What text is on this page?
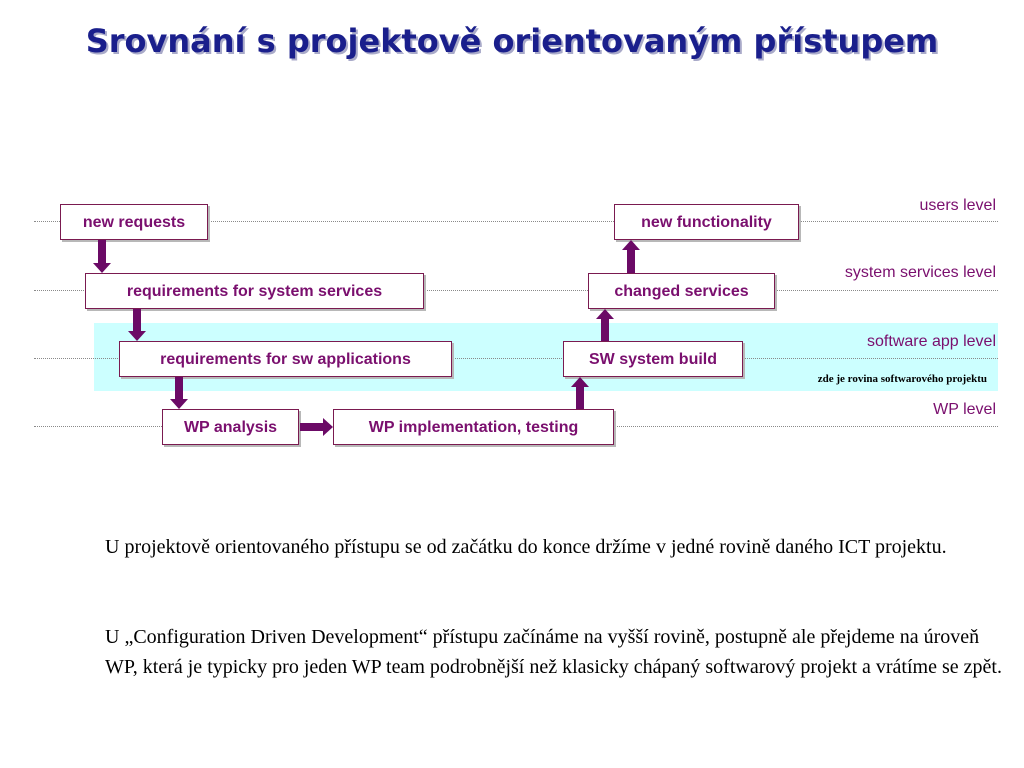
Srovnání s projektově orientovaným přístupem
users level
system services level
software app level
WP level
zde je rovina softwarového projektu
new requests
requirements for system services
requirements for sw applications
WP analysis	WP implementation, testing
SW system build
changed services
new functionality
U projektově orientovaného přístupu se od začátku do konce držíme v jedné rovině daného ICT projektu.
U „Configuration Driven Development“ přístupu začínáme na vyšší rovině, postupně ale přejdeme na úroveň WP, která je typicky pro jeden WP team podrobnější než klasicky chápaný softwarový projekt a vrátíme se zpět.
